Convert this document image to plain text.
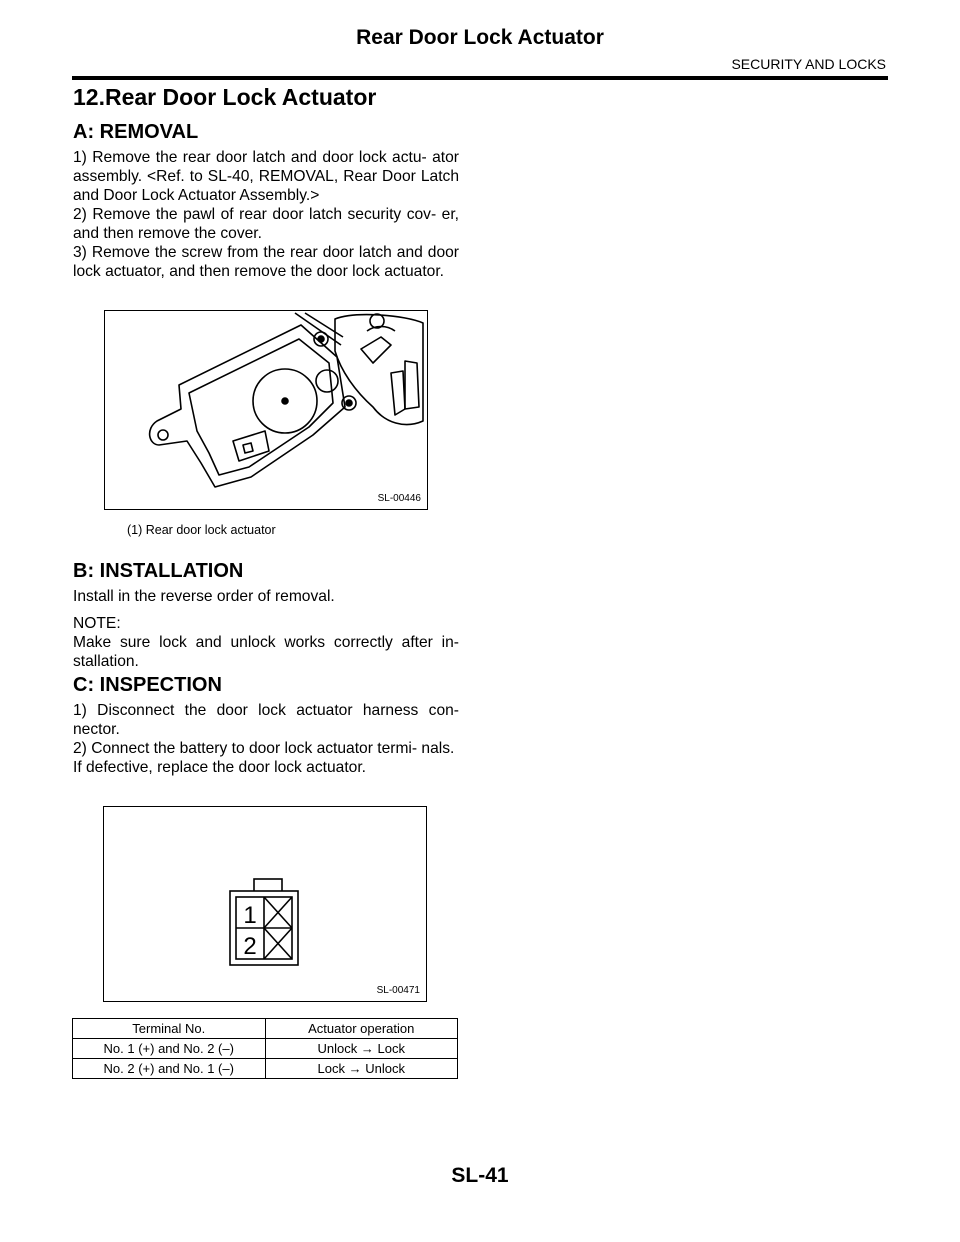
Rear Door Lock Actuator
SECURITY AND LOCKS
12.Rear Door Lock Actuator
A: REMOVAL

1) Remove the rear door latch and door lock actu- ator assembly. <Ref. to SL-40, REMOVAL, Rear Door Latch and Door Lock Actuator Assembly.>

2) Remove the pawl of rear door latch security cov- er, and then remove the cover.

3) Remove the screw from the rear door latch and door lock actuator, and then remove the door lock actuator.

SL-00446
(1) Rear door lock actuator
B: INSTALLATION
Install in the reverse order of removal.

NOTE:

Make sure lock and unlock works correctly after in- stallation.

C: INSPECTION

1) Disconnect the door lock actuator harness con- nector.

2) Connect the battery to door lock actuator termi- nals.

If defective, replace the door lock actuator.

1
2
SL-00471
Terminal No.	Actuator operation
No. 1 (+) and No. 2 (–)	Unlock → Lock
No. 2 (+) and No. 1 (–)	Lock → Unlock
SL-41
